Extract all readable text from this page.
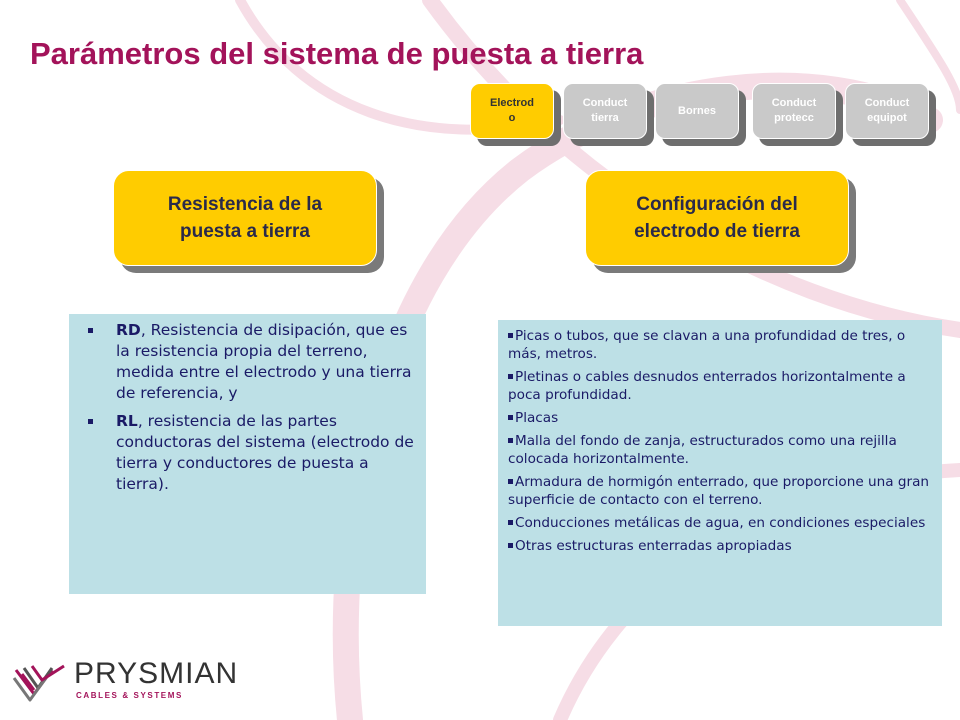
Parámetros del sistema de puesta a tierra
Electrod
o
Conduct
tierra
Bornes
Conduct
protecc
Conduct
equipot
Resistencia de la
puesta a tierra
Configuración del
electrodo de tierra
RD, Resistencia de disipación, que es la resistencia propia del terreno, medida entre el electrodo y una tierra de referencia, y
RL, resistencia de las partes conductoras del sistema (electrodo de tierra y conductores de puesta a tierra).
Picas o tubos, que se clavan a una profundidad de tres, o más, metros.
Pletinas o cables desnudos enterrados horizontalmente a poca profundidad.
Placas
Malla del fondo de zanja, estructurados como una rejilla colocada horizontalmente.
Armadura de hormigón enterrado, que proporcione una gran superficie de contacto con el terreno.
Conducciones metálicas de agua, en condiciones especiales
Otras estructuras enterradas apropiadas
PRYSMIAN
CABLES & SYSTEMS
